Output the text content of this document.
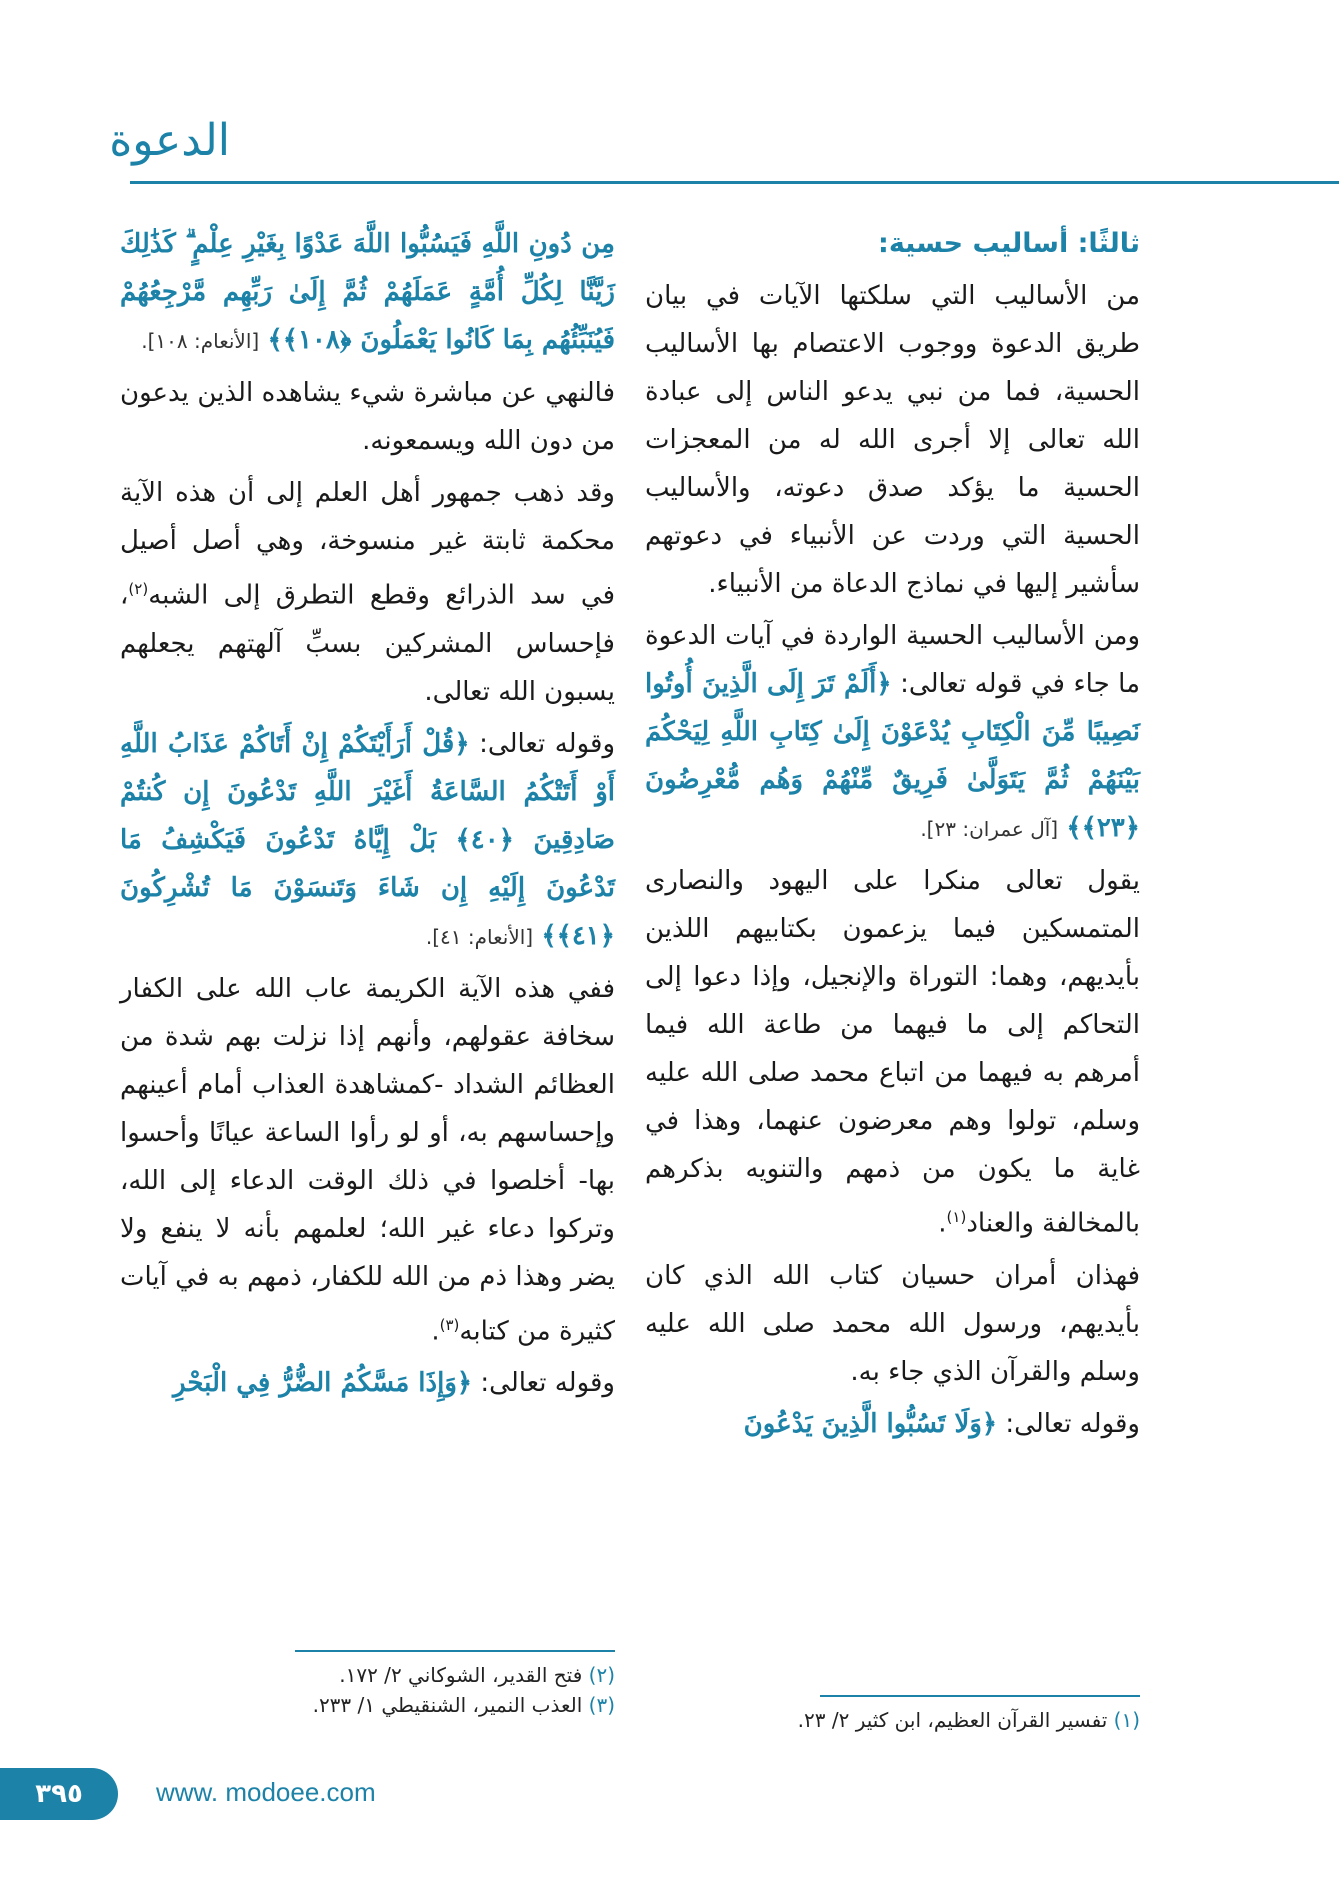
الدعوة

ثالثًا: أساليب حسية:

من الأساليب التي سلكتها الآيات في بيان طريق الدعوة ووجوب الاعتصام بها الأساليب الحسية، فما من نبي يدعو الناس إلى عبادة الله تعالى إلا أجرى الله له من المعجزات الحسية ما يؤكد صدق دعوته، والأساليب الحسية التي وردت عن الأنبياء في دعوتهم سأشير إليها في نماذج الدعاة من الأنبياء.

ومن الأساليب الحسية الواردة في آيات الدعوة ما جاء في قوله تعالى: ﴿أَلَمْ تَرَ إِلَى الَّذِينَ أُوتُوا نَصِيبًا مِّنَ الْكِتَابِ يُدْعَوْنَ إِلَىٰ كِتَابِ اللَّهِ لِيَحْكُمَ بَيْنَهُمْ ثُمَّ يَتَوَلَّىٰ فَرِيقٌ مِّنْهُمْ وَهُم مُّعْرِضُونَ ﴿٢٣﴾﴾ [آل عمران: ٢٣].

يقول تعالى منكرا على اليهود والنصارى المتمسكين فيما يزعمون بكتابيهم اللذين بأيديهم، وهما: التوراة والإنجيل، وإذا دعوا إلى التحاكم إلى ما فيهما من طاعة الله فيما أمرهم به فيهما من اتباع محمد صلى الله عليه وسلم، تولوا وهم معرضون عنهما، وهذا في غاية ما يكون من ذمهم والتنويه بذكرهم بالمخالفة والعناد$^{(١)}$.

فهذان أمران حسيان كتاب الله الذي كان بأيديهم، ورسول الله محمد صلى الله عليه وسلم والقرآن الذي جاء به.

وقوله تعالى: ﴿وَلَا تَسُبُّوا الَّذِينَ يَدْعُونَ

مِن دُونِ اللَّهِ فَيَسُبُّوا اللَّهَ عَدْوًا بِغَيْرِ عِلْمٍ ۗ كَذَٰلِكَ زَيَّنَّا لِكُلِّ أُمَّةٍ عَمَلَهُمْ ثُمَّ إِلَىٰ رَبِّهِم مَّرْجِعُهُمْ فَيُنَبِّئُهُم بِمَا كَانُوا يَعْمَلُونَ ﴿١٠٨﴾﴾ [الأنعام: ١٠٨].

فالنهي عن مباشرة شيء يشاهده الذين يدعون من دون الله ويسمعونه.

وقد ذهب جمهور أهل العلم إلى أن هذه الآية محكمة ثابتة غير منسوخة، وهي أصل أصيل في سد الذرائع وقطع التطرق إلى الشبه$^{(٢)}$، فإحساس المشركين بسبِّ آلهتهم يجعلهم يسبون الله تعالى.

وقوله تعالى: ﴿قُلْ أَرَأَيْتَكُمْ إِنْ أَتَاكُمْ عَذَابُ اللَّهِ أَوْ أَتَتْكُمُ السَّاعَةُ أَغَيْرَ اللَّهِ تَدْعُونَ إِن كُنتُمْ صَادِقِينَ ﴿٤٠﴾ بَلْ إِيَّاهُ تَدْعُونَ فَيَكْشِفُ مَا تَدْعُونَ إِلَيْهِ إِن شَاءَ وَتَنسَوْنَ مَا تُشْرِكُونَ ﴿٤١﴾﴾ [الأنعام: ٤١].

ففي هذه الآية الكريمة عاب الله على الكفار سخافة عقولهم، وأنهم إذا نزلت بهم شدة من العظائم الشداد -كمشاهدة العذاب أمام أعينهم وإحساسهم به، أو لو رأوا الساعة عيانًا وأحسوا بها- أخلصوا في ذلك الوقت الدعاء إلى الله، وتركوا دعاء غير الله؛ لعلمهم بأنه لا ينفع ولا يضر وهذا ذم من الله للكفار، ذمهم به في آيات كثيرة من كتابه$^{(٣)}$.

وقوله تعالى: ﴿وَإِذَا مَسَّكُمُ الضُّرُّ فِي الْبَحْرِ

(٢) فتح القدير، الشوكاني ٢/ ١٧٢.
(٣) العذب النمير، الشنقيطي ١/ ٢٣٣.
(١) تفسير القرآن العظيم، ابن كثير ٢/ ٢٣.
٣٩٥	www. modoee.com
